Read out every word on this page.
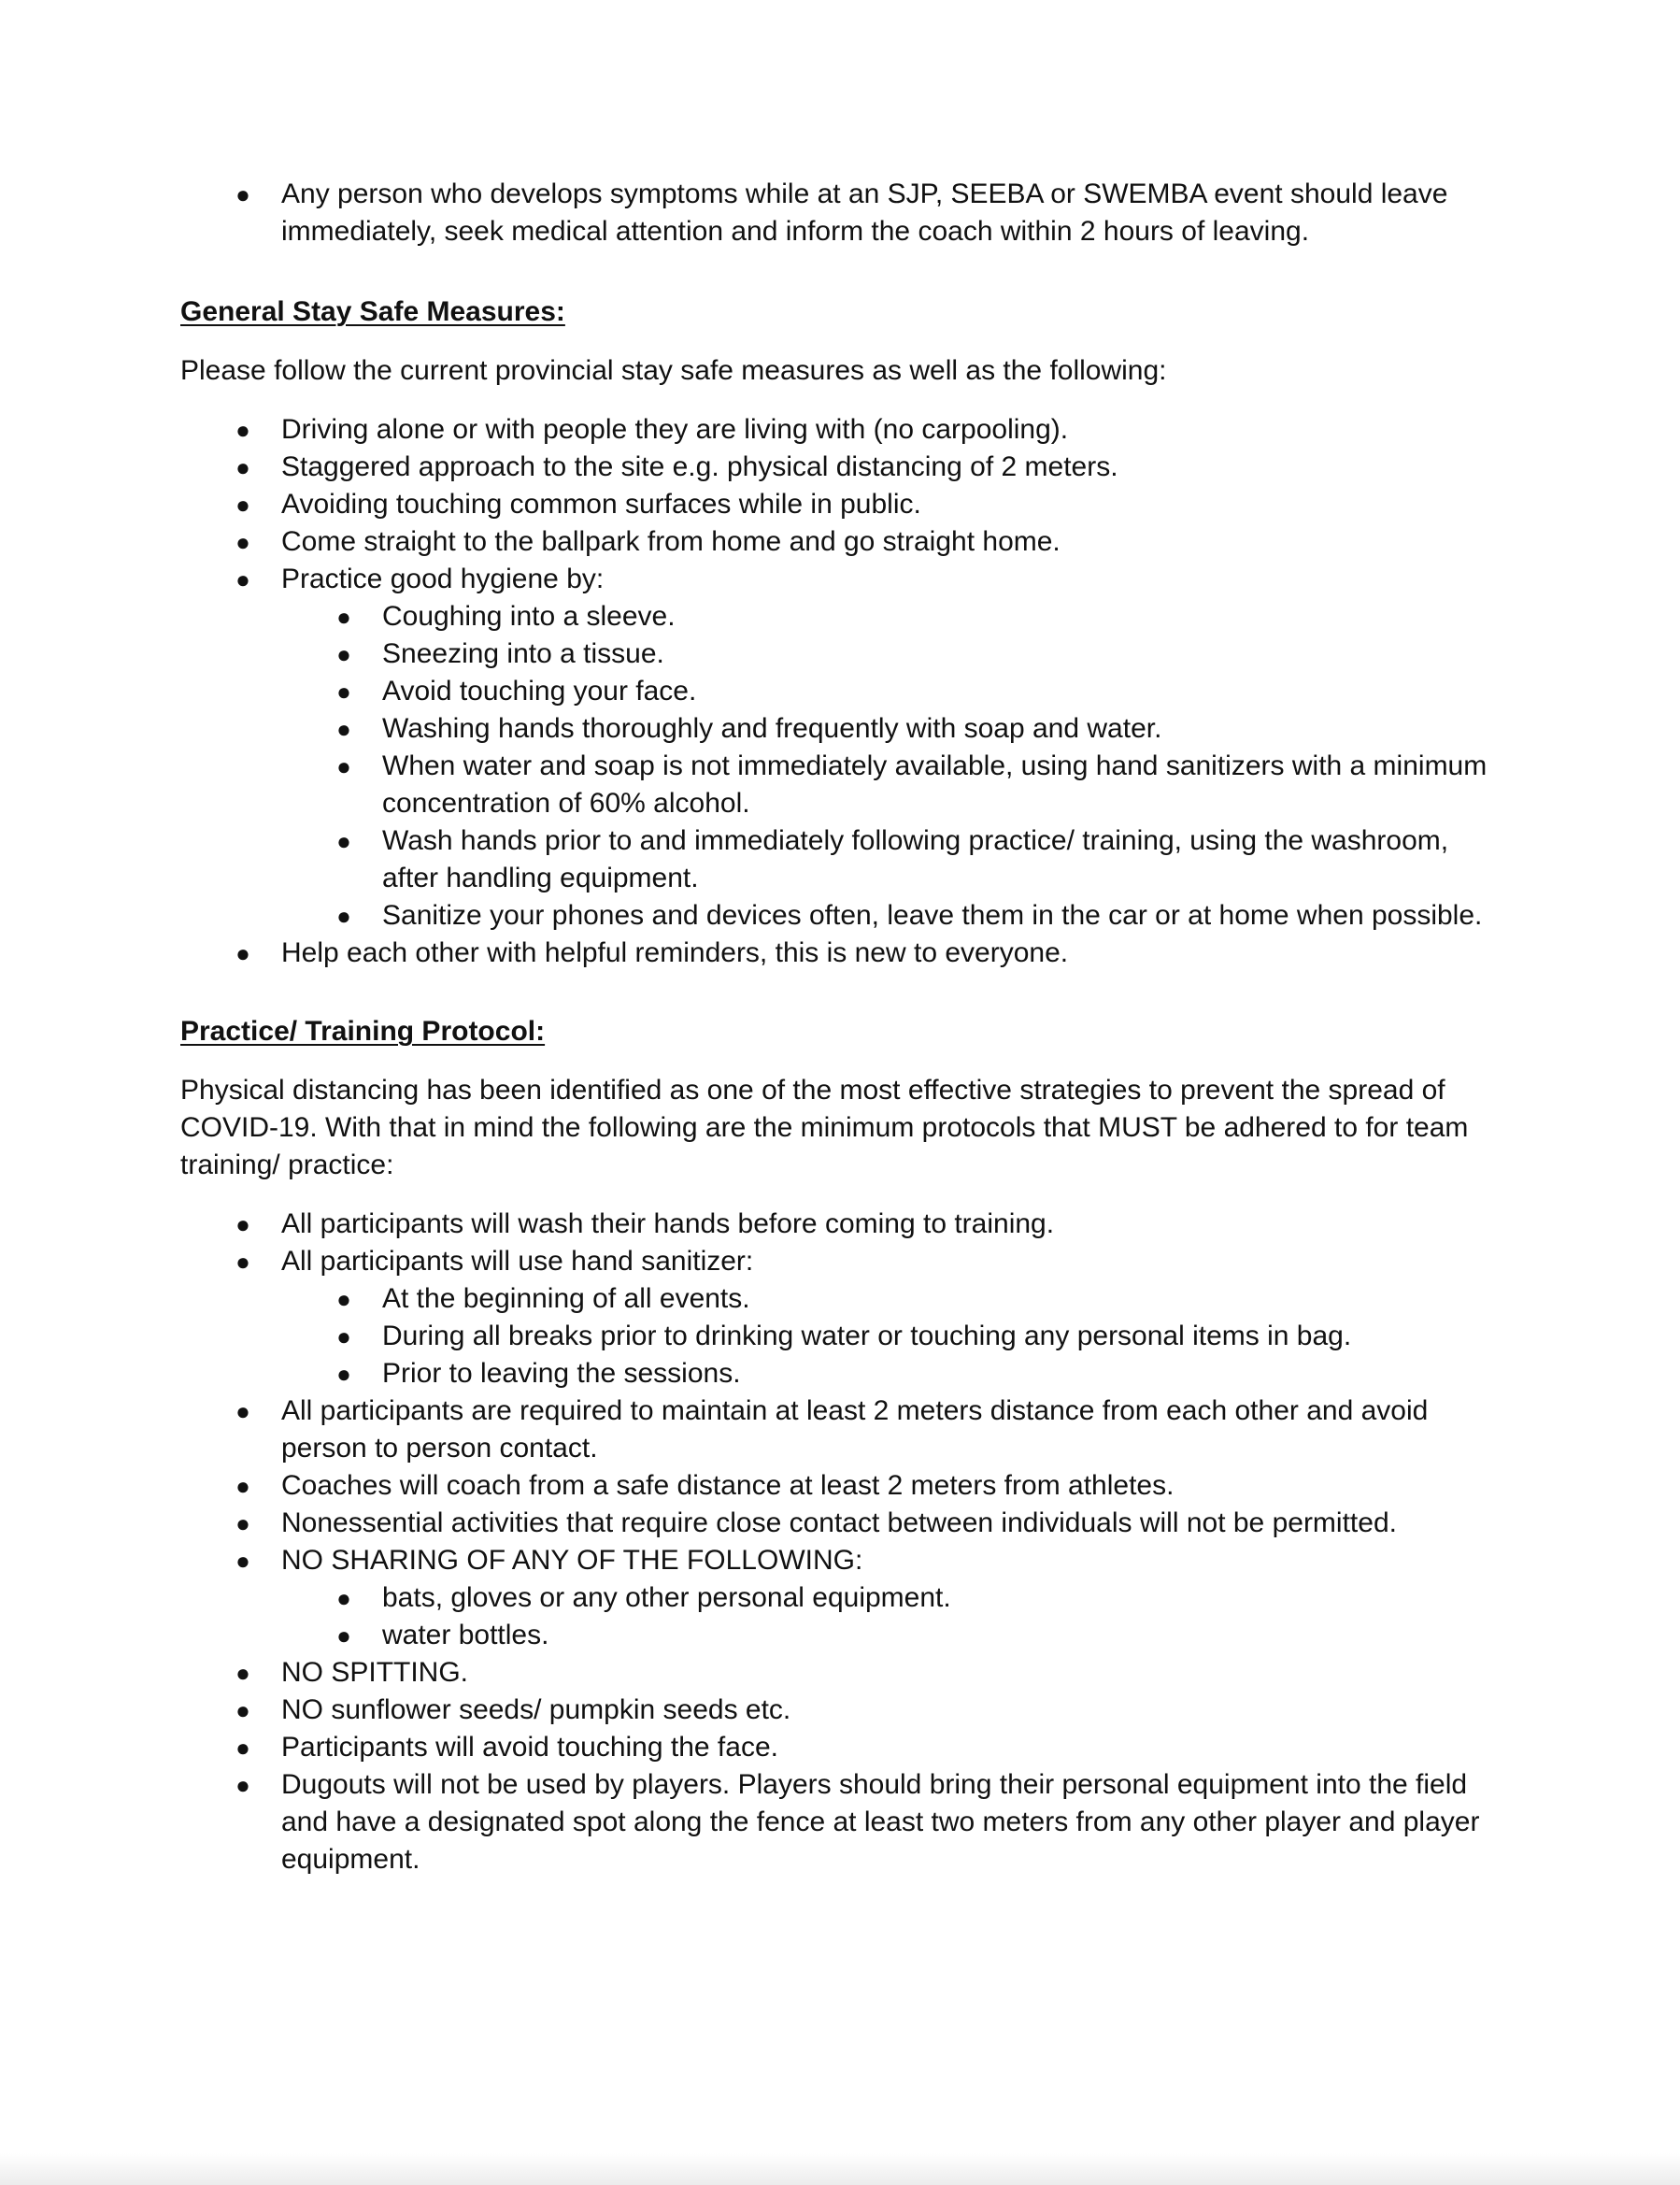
● Any person who develops symptoms while at an SJP, SEEBA or SWEMBA event should leave immediately, seek medical attention and inform the coach within 2 hours of leaving.

General Stay Safe Measures:

Please follow the current provincial stay safe measures as well as the following:

● Driving alone or with people they are living with (no carpooling).
● Staggered approach to the site e.g. physical distancing of 2 meters.
● Avoiding touching common surfaces while in public.
● Come straight to the ballpark from home and go straight home.
● Practice good hygiene by:
● Coughing into a sleeve.
● Sneezing into a tissue.
● Avoid touching your face.
● Washing hands thoroughly and frequently with soap and water.
● When water and soap is not immediately available, using hand sanitizers with a minimum concentration of 60% alcohol.
● Wash hands prior to and immediately following practice/ training, using the washroom, after handling equipment.
● Sanitize your phones and devices often, leave them in the car or at home when possible.
● Help each other with helpful reminders, this is new to everyone.

Practice/ Training Protocol:

Physical distancing has been identified as one of the most effective strategies to prevent the spread of COVID-19. With that in mind the following are the minimum protocols that MUST be adhered to for team training/ practice:

● All participants will wash their hands before coming to training.
● All participants will use hand sanitizer:
● At the beginning of all events.
● During all breaks prior to drinking water or touching any personal items in bag.
● Prior to leaving the sessions.
● All participants are required to maintain at least 2 meters distance from each other and avoid person to person contact.
● Coaches will coach from a safe distance at least 2 meters from athletes.
● Nonessential activities that require close contact between individuals will not be permitted.
● NO SHARING OF ANY OF THE FOLLOWING:
● bats, gloves or any other personal equipment.
● water bottles.
● NO SPITTING.
● NO sunflower seeds/ pumpkin seeds etc.
● Participants will avoid touching the face.
● Dugouts will not be used by players. Players should bring their personal equipment into the field and have a designated spot along the fence at least two meters from any other player and player equipment.
